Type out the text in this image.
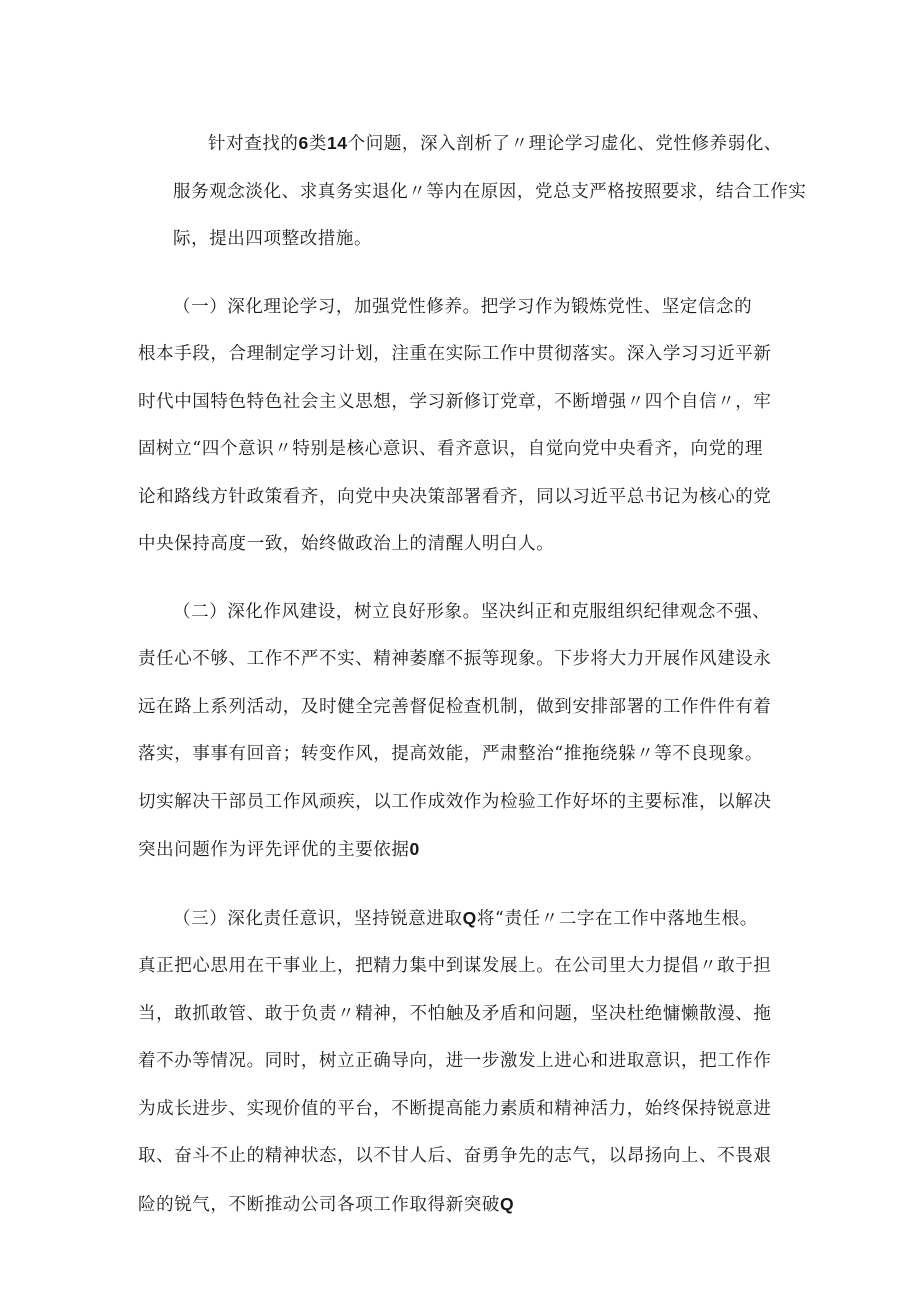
针对查找的6类14个问题，深入剖析了〃理论学习虚化、党性修养弱化、
服务观念淡化、求真务实退化〃等内在原因，党总支严格按照要求，结合工作实
际，提出四项整改措施。
（一）深化理论学习，加强党性修养。把学习作为锻炼党性、坚定信念的
根本手段，合理制定学习计划，注重在实际工作中贯彻落实。深入学习习近平新
时代中国特色特色社会主义思想，学习新修订党章，不断增强〃四个自信〃，牢
固树立“四个意识〃特别是核心意识、看齐意识，自觉向党中央看齐，向党的理
论和路线方针政策看齐，向党中央决策部署看齐，同以习近平总书记为核心的党
中央保持高度一致，始终做政治上的清醒人明白人。
（二）深化作风建设，树立良好形象。坚决纠正和克服组织纪律观念不强、
责任心不够、工作不严不实、精神萎靡不振等现象。下步将大力开展作风建设永
远在路上系列活动，及时健全完善督促检查机制，做到安排部署的工作件件有着
落实，事事有回音；转变作风，提高效能，严肃整治“推拖绕躲〃等不良现象。
切实解决干部员工作风顽疾，以工作成效作为检验工作好坏的主要标准，以解决
突出问题作为评先评优的主要依据0
（三）深化责任意识，坚持锐意进取Q将“责任〃二字在工作中落地生根。
真正把心思用在干事业上，把精力集中到谋发展上。在公司里大力提倡〃敢于担
当，敢抓敢管、敢于负责〃精神，不怕触及矛盾和问题，坚决杜绝慵懒散漫、拖
着不办等情况。同时，树立正确导向，进一步激发上进心和进取意识，把工作作
为成长进步、实现价值的平台，不断提高能力素质和精神活力，始终保持锐意进
取、奋斗不止的精神状态，以不甘人后、奋勇争先的志气，以昂扬向上、不畏艰
险的锐气，不断推动公司各项工作取得新突破Q
